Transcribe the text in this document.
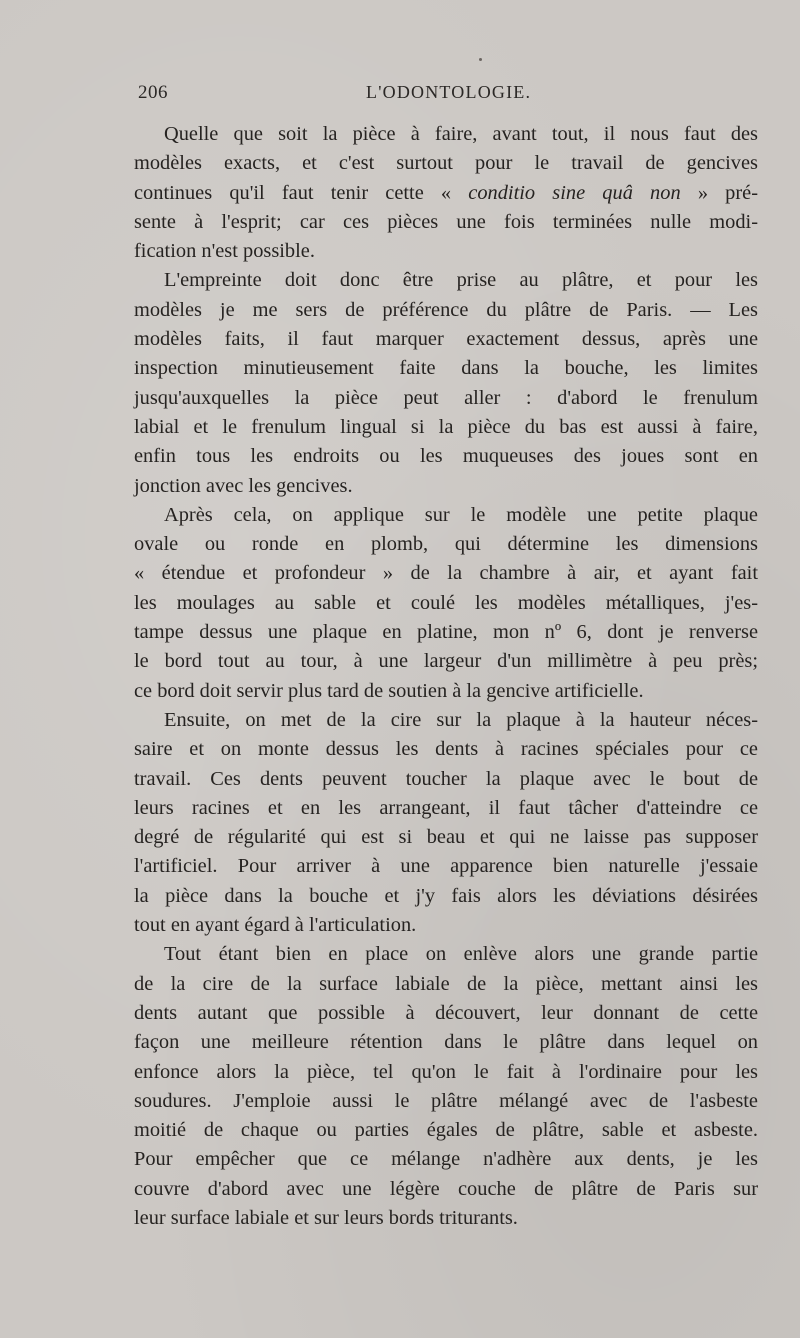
206	L'ODONTOLOGIE.
Quelle que soit la pièce à faire, avant tout, il nous faut des
modèles exacts, et c'est surtout pour le travail de gencives
continues qu'il faut tenir cette « conditio sine quâ non » pré-
sente à l'esprit; car ces pièces une fois terminées nulle modi-
fication n'est possible.
L'empreinte doit donc être prise au plâtre, et pour les
modèles je me sers de préférence du plâtre de Paris. — Les
modèles faits, il faut marquer exactement dessus, après une
inspection minutieusement faite dans la bouche, les limites
jusqu'auxquelles la pièce peut aller : d'abord le frenulum
labial et le frenulum lingual si la pièce du bas est aussi à faire,
enfin tous les endroits ou les muqueuses des joues sont en
jonction avec les gencives.
Après cela, on applique sur le modèle une petite plaque
ovale ou ronde en plomb, qui détermine les dimensions
« étendue et profondeur » de la chambre à air, et ayant fait
les moulages au sable et coulé les modèles métalliques, j'es-
tampe dessus une plaque en platine, mon nº 6, dont je renverse
le bord tout au tour, à une largeur d'un millimètre à peu près;
ce bord doit servir plus tard de soutien à la gencive artificielle.
Ensuite, on met de la cire sur la plaque à la hauteur néces-
saire et on monte dessus les dents à racines spéciales pour ce
travail. Ces dents peuvent toucher la plaque avec le bout de
leurs racines et en les arrangeant, il faut tâcher d'atteindre ce
degré de régularité qui est si beau et qui ne laisse pas supposer
l'artificiel. Pour arriver à une apparence bien naturelle j'essaie
la pièce dans la bouche et j'y fais alors les déviations désirées
tout en ayant égard à l'articulation.
Tout étant bien en place on enlève alors une grande partie
de la cire de la surface labiale de la pièce, mettant ainsi les
dents autant que possible à découvert, leur donnant de cette
façon une meilleure rétention dans le plâtre dans lequel on
enfonce alors la pièce, tel qu'on le fait à l'ordinaire pour les
soudures. J'emploie aussi le plâtre mélangé avec de l'asbeste
moitié de chaque ou parties égales de plâtre, sable et asbeste.
Pour empêcher que ce mélange n'adhère aux dents, je les
couvre d'abord avec une légère couche de plâtre de Paris sur
leur surface labiale et sur leurs bords triturants.
